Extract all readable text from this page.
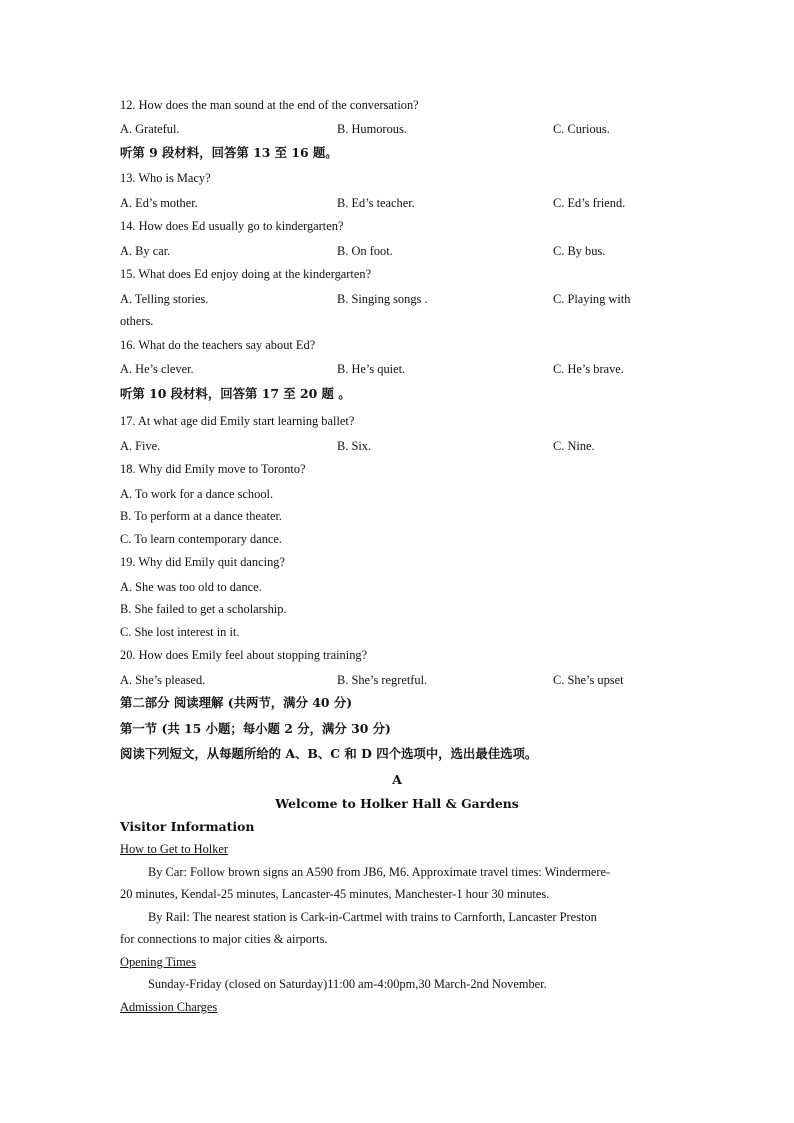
12. How does the man sound at the end of the conversation?
A. Grateful.	B. Humorous.	C. Curious.
听第 9 段材料，回答第 13 至 16 题。
13. Who is Macy?
A. Ed’s mother.	B. Ed’s teacher.	C. Ed’s friend.
14. How does Ed usually go to kindergarten?
A. By car.	B. On foot.	C. By bus.
15. What does Ed enjoy doing at the kindergarten?
A. Telling stories.	B. Singing songs .	C. Playing with
others.
16. What do the teachers say about Ed?
A. He’s clever.	B. He’s quiet.	C. He’s brave.
听第 10 段材料，回答第 17 至 20 题 。
17. At what age did Emily start learning ballet?
A. Five.	B. Six.	C. Nine.
18. Why did Emily move to Toronto?
A. To work for a dance school.
B. To perform at a dance theater.
C. To learn contemporary dance.
19. Why did Emily quit dancing?
A. She was too old to dance.
B. She failed to get a scholarship.
C. She lost interest in it.
20. How does Emily feel about stopping training?
A. She’s pleased.	B. She’s regretful.	C. She’s upset
第二部分 阅读理解 (共两节，满分 40 分)
第一节 (共 15 小题；每小题 2 分，满分 30 分)
阅读下列短文，从每题所给的 A、B、C 和 D 四个选项中，选出最佳选项。
A
Welcome to Holker Hall & Gardens
Visitor Information
How to Get to Holker
By Car: Follow brown signs an A590 from JB6, M6. Approximate travel times: Windermere-
20 minutes, Kendal-25 minutes, Lancaster-45 minutes, Manchester-1 hour 30 minutes.
By Rail: The nearest station is Cark-in-Cartmel with trains to Carnforth, Lancaster Preston
for connections to major cities & airports.
Opening Times
Sunday-Friday (closed on Saturday)11:00 am-4:00pm,30 March-2nd November.
Admission Charges
